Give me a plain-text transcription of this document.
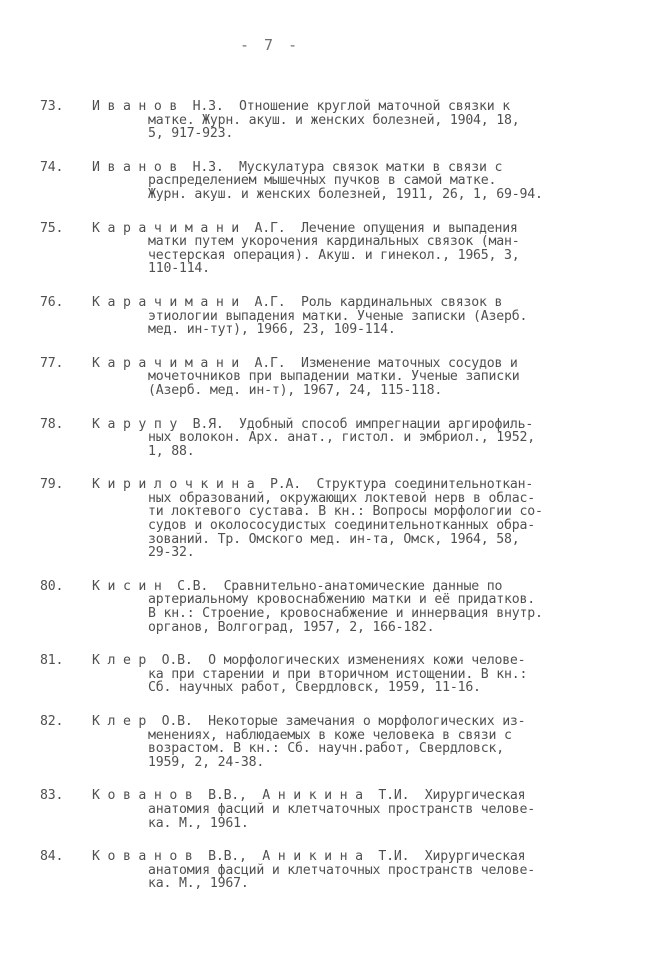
- 7 -
73.	И в а н о в  Н.З.  Отношение круглой маточной связки к
матке. Журн. акуш. и женских болезней, 1904, 18,
5, 917-923.
74.	И в а н о в  Н.З.  Мускулатура связок матки в связи с
распределением мышечных пучков в самой матке.
Журн. акуш. и женских болезней, 1911, 26, 1, 69-94.
75.	К а р а ч и м а н и  А.Г.  Лечение опущения и выпадения
матки путем укорочения кардинальных связок (ман-
честерская операция). Акуш. и гинекол., 1965, 3,
110-114.
76.	К а р а ч и м а н и  А.Г.  Роль кардинальных связок в
этиологии выпадения матки. Ученые записки (Азерб.
мед. ин-тут), 1966, 23, 109-114.
77.	К а р а ч и м а н и  А.Г.  Изменение маточных сосудов и
мочеточников при выпадении матки. Ученые записки
(Азерб. мед. ин-т), 1967, 24, 115-118.
78.	К а р у п у  В.Я.  Удобный способ импрегнации аргирофиль-
ных волокон. Арх. анат., гистол. и эмбриол., 1952,
1, 88.
79.	К и р и л о ч к и н а  Р.А.  Структура соединительноткан-
ных образований, окружающих локтевой нерв в облас-
ти локтевого сустава. В кн.: Вопросы морфологии со-
судов и околососудистых соединительнотканных обра-
зований. Тр. Омского мед. ин-та, Омск, 1964, 58,
29-32.
80.	К и с и н  С.В.  Сравнительно-анатомические данные по
артериальному кровоснабжению матки и её придатков.
В кн.: Строение, кровоснабжение и иннервация внутр.
органов, Волгоград, 1957, 2, 166-182.
81.	К л е р  О.В.  О морфологических изменениях кожи челове-
ка при старении и при вторичном истощении. В кн.:
Сб. научных работ, Свердловск, 1959, 11-16.
82.	К л е р  О.В.  Некоторые замечания о морфологических из-
менениях, наблюдаемых в коже человека в связи с
возрастом. В кн.: Сб. научн.работ, Свердловск,
1959, 2, 24-38.
83.	К о в а н о в  В.В.,  А н и к и н а  Т.И.  Хирургическая
анатомия фасций и клетчаточных пространств челове-
ка. М., 1961.
84.	К о в а н о в  В.В.,  А н и к и н а  Т.И.  Хирургическая
анатомия фасций и клетчаточных пространств челове-
ка. М., 1967.
